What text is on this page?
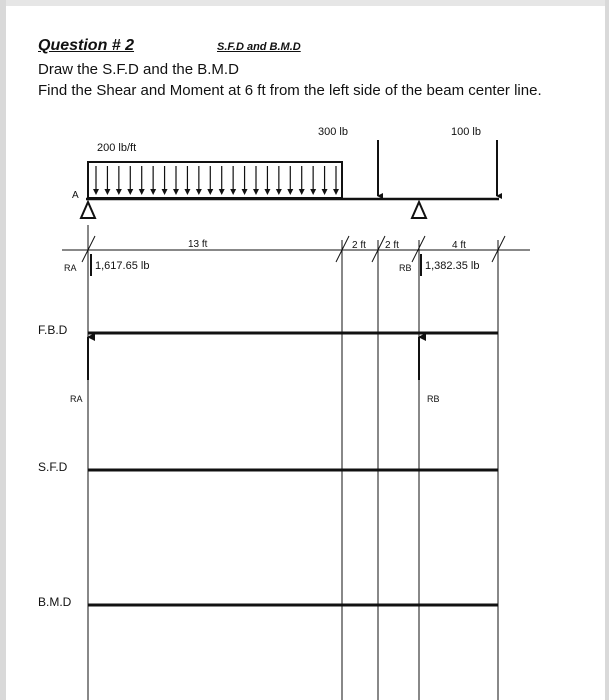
Question # 2	S.F.D and B.M.D
Draw the S.F.D and the B.M.D
Find the Shear and Moment at 6 ft from the left side of the beam center line.
200 lb/ft
300 lb	100 lb
A
13 ft	2 ft 2 ft	4 ft
RA 1,617.65 lb	RB 1,382.35 lb
F.B.D
RA	RB
S.F.D
B.M.D
